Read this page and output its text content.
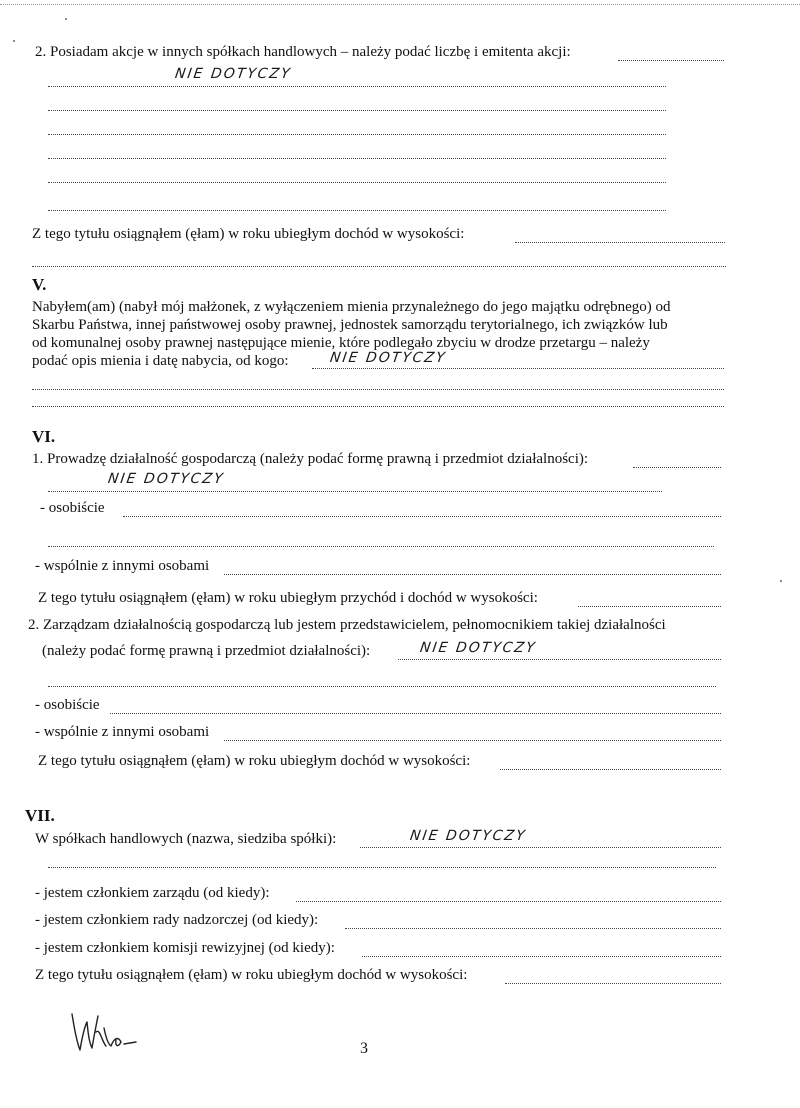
2. Posiadam akcje w innych spółkach handlowych – należy podać liczbę i emitenta akcji:
NIE DOTYCZY
Z tego tytułu osiągnąłem (ęłam) w roku ubiegłym dochód w wysokości:
V.
Nabyłem(am) (nabył mój małżonek, z wyłączeniem mienia przynależnego do jego majątku odrębnego) od
Skarbu Państwa, innej państwowej osoby prawnej, jednostek samorządu terytorialnego, ich związków lub
od komunalnej osoby prawnej następujące mienie, które podlegało zbyciu w drodze przetargu – należy
podać opis mienia i datę nabycia, od kogo:	NIE DOTYCZY
VI.
1. Prowadzę działalność gospodarczą (należy podać formę prawną i przedmiot działalności):
NIE DOTYCZY
- osobiście
- wspólnie z innymi osobami
Z tego tytułu osiągnąłem (ęłam) w roku ubiegłym przychód i dochód w wysokości:
2. Zarządzam działalnością gospodarczą lub jestem przedstawicielem, pełnomocnikiem takiej działalności
(należy podać formę prawną i przedmiot działalności):	NIE DOTYCZY
- osobiście
- wspólnie z innymi osobami
Z tego tytułu osiągnąłem (ęłam) w roku ubiegłym dochód w wysokości:
VII.
W spółkach handlowych (nazwa, siedziba spółki):	NIE DOTYCZY
- jestem członkiem zarządu (od kiedy):
- jestem członkiem rady nadzorczej (od kiedy):
- jestem członkiem komisji rewizyjnej (od kiedy):
Z tego tytułu osiągnąłem (ęłam) w roku ubiegłym dochód w wysokości:
3
